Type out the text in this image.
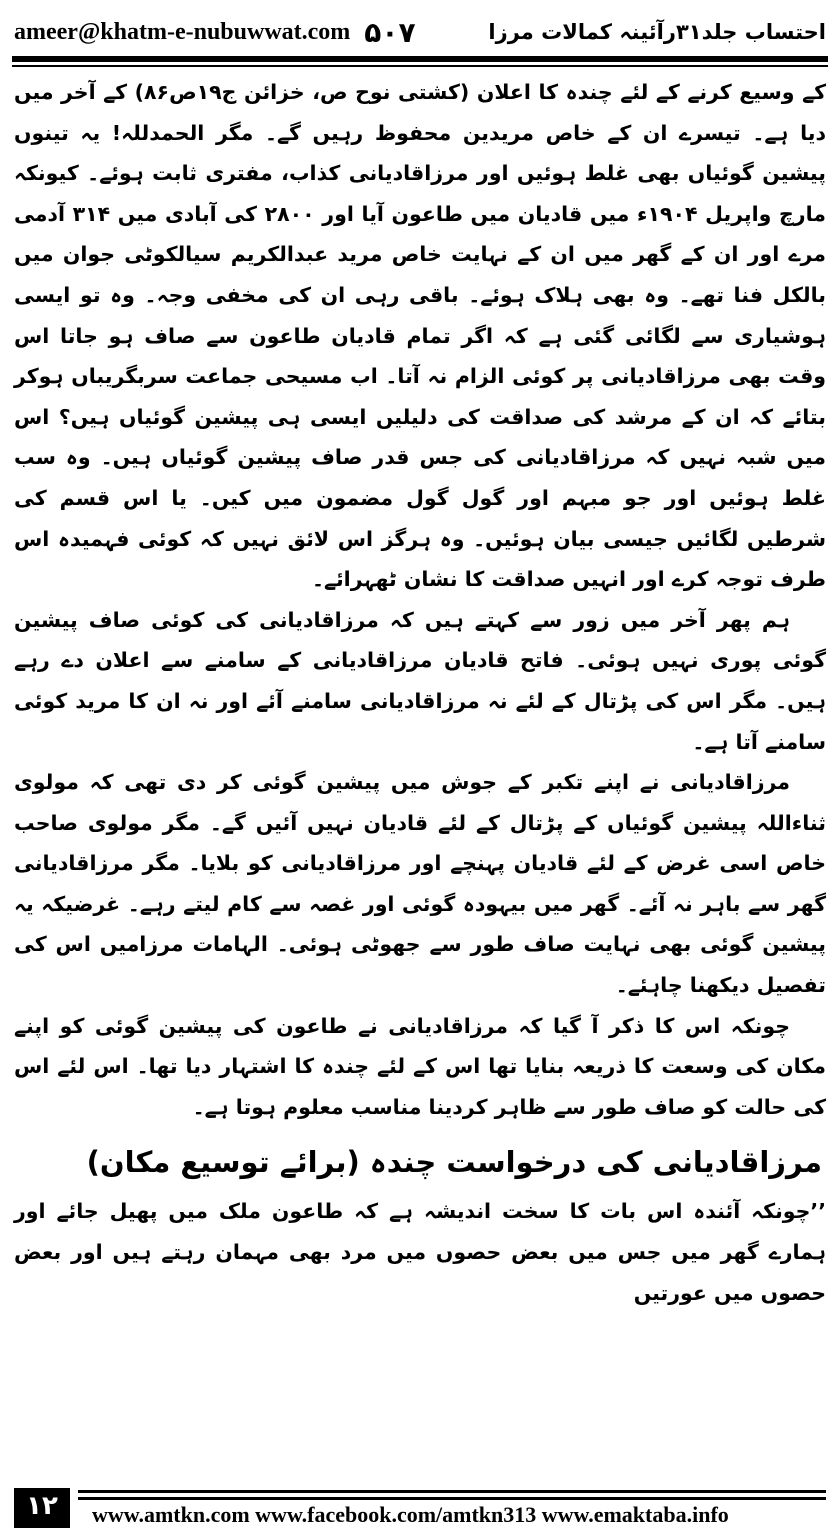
ameer@khatm-e-nubuwwat.com ۵۰۷	احتساب جلد۳۱رآئینہ کمالات مرزا

کے وسیع کرنے کے لئے چندہ کا اعلان (کشتی نوح ص، خزائن ج۱۹ص۸۶) کے آخر میں دیا ہے۔ تیسرے ان کے خاص مریدین محفوظ رہیں گے۔ مگر الحمدللہ! یہ تینوں پیشین گوئیاں بھی غلط ہوئیں اور مرزاقادیانی کذاب، مفتری ثابت ہوئے۔ کیونکہ مارچ واپریل ۱۹۰۴ء میں قادیان میں طاعون آیا اور ۲۸۰۰ کی آبادی میں ۳۱۴ آدمی مرے اور ان کے گھر میں ان کے نہایت خاص مرید عبدالکریم سیالکوٹی جوان میں بالکل فنا تھے۔ وہ بھی ہلاک ہوئے۔ باقی رہی ان کی مخفی وجہ۔ وہ تو ایسی ہوشیاری سے لگائی گئی ہے کہ اگر تمام قادیان طاعون سے صاف ہو جاتا اس وقت بھی مرزاقادیانی پر کوئی الزام نہ آتا۔ اب مسیحی جماعت سربگریباں ہوکر بتائے کہ ان کے مرشد کی صداقت کی دلیلیں ایسی ہی پیشین گوئیاں ہیں؟ اس میں شبہ نہیں کہ مرزاقادیانی کی جس قدر صاف پیشین گوئیاں ہیں۔ وہ سب غلط ہوئیں اور جو مبہم اور گول گول مضمون میں کیں۔ یا اس قسم کی شرطیں لگائیں جیسی بیان ہوئیں۔ وہ ہرگز اس لائق نہیں کہ کوئی فہمیدہ اس طرف توجہ کرے اور انہیں صداقت کا نشان ٹھہرائے۔

ہم پھر آخر میں زور سے کہتے ہیں کہ مرزاقادیانی کی کوئی صاف پیشین گوئی پوری نہیں ہوئی۔ فاتح قادیان مرزاقادیانی کے سامنے سے اعلان دے رہے ہیں۔ مگر اس کی پڑتال کے لئے نہ مرزاقادیانی سامنے آئے اور نہ ان کا مرید کوئی سامنے آتا ہے۔

مرزاقادیانی نے اپنے تکبر کے جوش میں پیشین گوئی کر دی تھی کہ مولوی ثناءاللہ پیشین گوئیاں کے پڑتال کے لئے قادیان نہیں آئیں گے۔ مگر مولوی صاحب خاص اسی غرض کے لئے قادیان پہنچے اور مرزاقادیانی کو بلایا۔ مگر مرزاقادیانی گھر سے باہر نہ آئے۔ گھر میں بیہودہ گوئی اور غصہ سے کام لیتے رہے۔ غرضیکہ یہ پیشین گوئی بھی نہایت صاف طور سے جھوٹی ہوئی۔ الہامات مرزامیں اس کی تفصیل دیکھنا چاہئے۔

چونکہ اس کا ذکر آ گیا کہ مرزاقادیانی نے طاعون کی پیشین گوئی کو اپنے مکان کی وسعت کا ذریعہ بنایا تھا اس کے لئے چندہ کا اشتہار دیا تھا۔ اس لئے اس کی حالت کو صاف طور سے ظاہر کردینا مناسب معلوم ہوتا ہے۔

مرزاقادیانی کی درخواست چندہ (برائے توسیع مکان)

’’چونکہ آئندہ اس بات کا سخت اندیشہ ہے کہ طاعون ملک میں پھیل جائے اور ہمارے گھر میں جس میں بعض حصوں میں مرد بھی مہمان رہتے ہیں اور بعض حصوں میں عورتیں

۱۲	www.amtkn.com www.facebook.com/amtkn313 www.emaktaba.info
